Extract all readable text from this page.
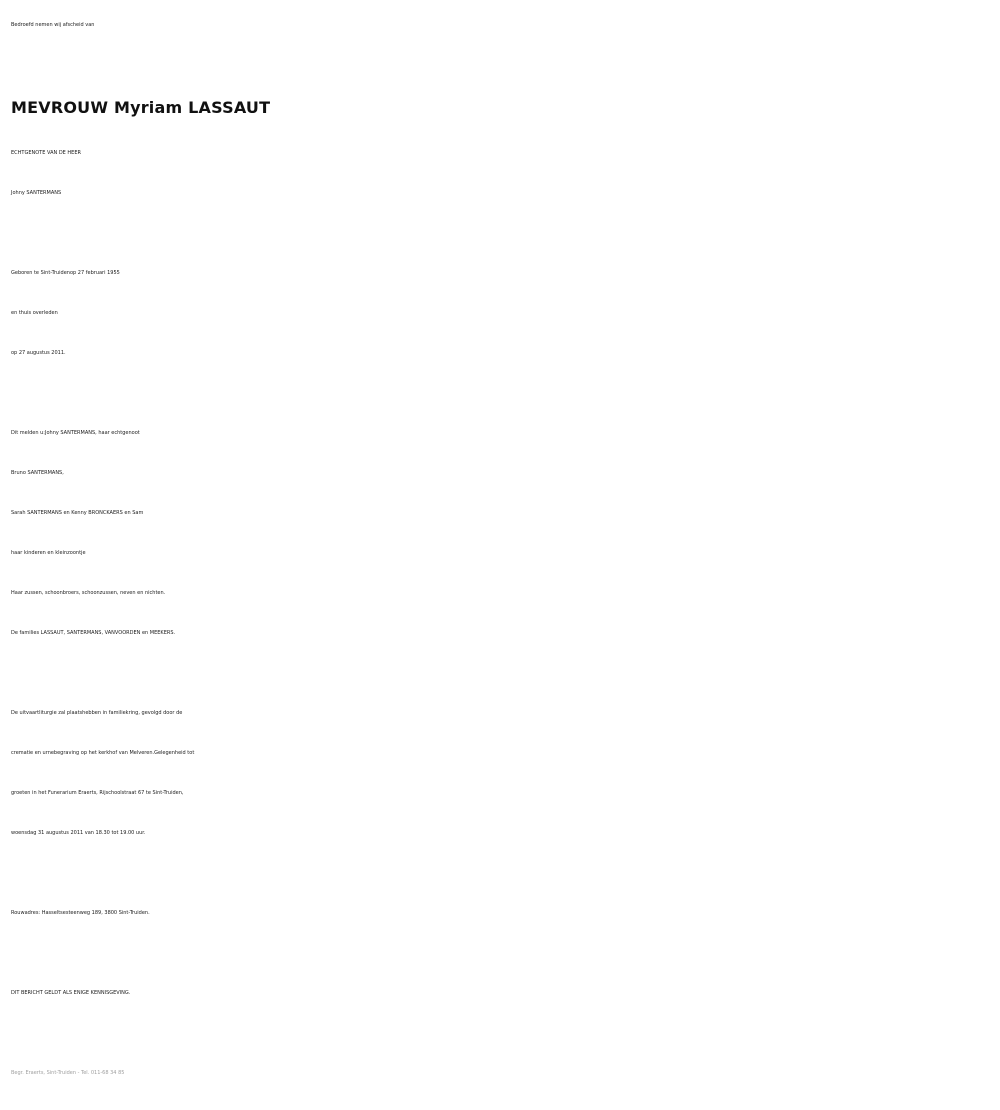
Bedroefd nemen wij afscheid van
MEVROUW Myriam LASSAUT
ECHTGENOTE VAN DE HEER
Johny SANTERMANS
Geboren te Sint-Truidenop 27 februari 1955
en thuis overleden
op 27 augustus 2011.
Dit melden u:Johny SANTERMANS, haar echtgenoot
Bruno SANTERMANS,
Sarah SANTERMANS en Kenny BRONCKAERS en Sam
haar kinderen en kleinzoontje
Haar zussen, schoonbroers, schoonzussen, neven en nichten.
De families LASSAUT, SANTERMANS, VANVOORDEN en MEEKERS.
De uitvaartliturgie zal plaatshebben in familiekring, gevolgd door de
crematie en urnebegraving op het kerkhof van Melveren.Gelegenheid tot
groeten in het Funerarium Eraerts, Rijschoolstraat 67 te Sint-Truiden,
woensdag 31 augustus 2011 van 18.30 tot 19.00 uur.
Rouwadres: Hasseltsesteenweg 189, 3800 Sint-Truiden.
DIT BERICHT GELDT ALS ENIGE KENNISGEVING.
Begr. Eraerts, Sint-Truiden - Tel. 011-68 34 85
